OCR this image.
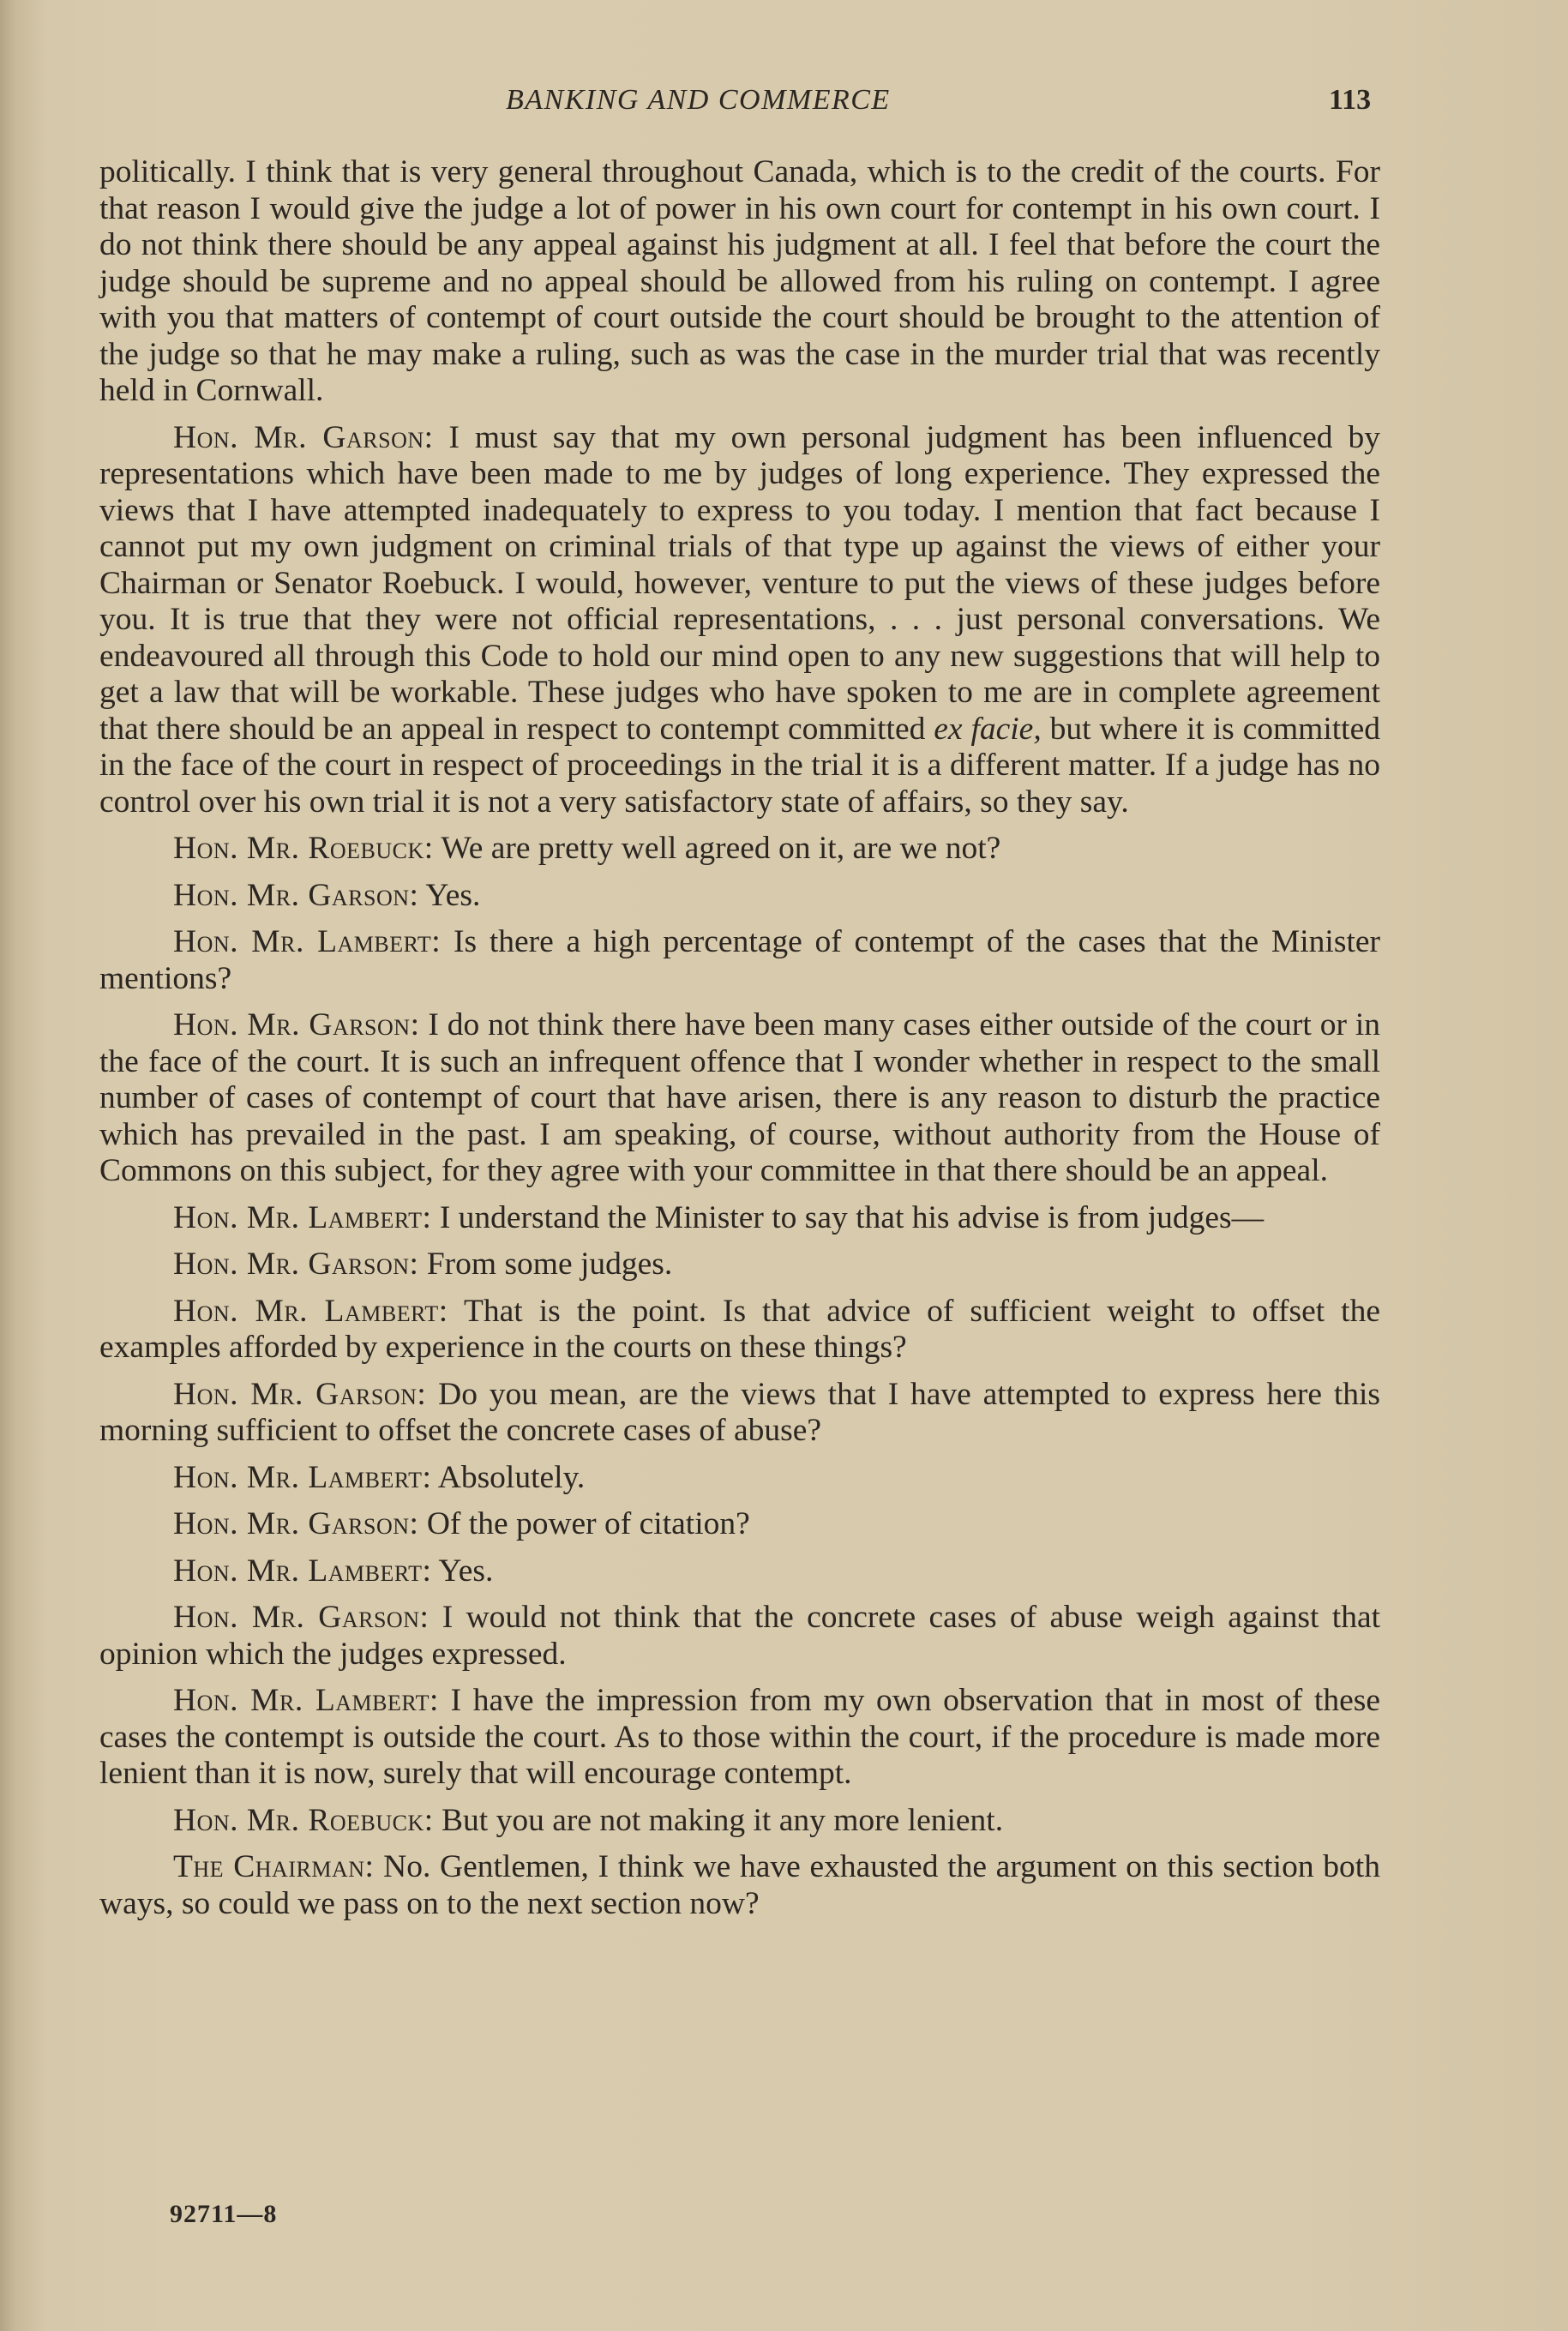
BANKING AND COMMERCE	113

politically. I think that is very general throughout Canada, which is to the credit of the courts. For that reason I would give the judge a lot of power in his own court for contempt in his own court. I do not think there should be any appeal against his judgment at all. I feel that before the court the judge should be supreme and no appeal should be allowed from his ruling on contempt. I agree with you that matters of contempt of court outside the court should be brought to the attention of the judge so that he may make a ruling, such as was the case in the murder trial that was recently held in Cornwall.

Hon. Mr. Garson: I must say that my own personal judgment has been influenced by representations which have been made to me by judges of long experience. They expressed the views that I have attempted inadequately to express to you today. I mention that fact because I cannot put my own judgment on criminal trials of that type up against the views of either your Chairman or Senator Roebuck. I would, however, venture to put the views of these judges before you. It is true that they were not official representations, . . . just personal conversations. We endeavoured all through this Code to hold our mind open to any new suggestions that will help to get a law that will be workable. These judges who have spoken to me are in complete agreement that there should be an appeal in respect to contempt committed ex facie, but where it is committed in the face of the court in respect of proceedings in the trial it is a different matter. If a judge has no control over his own trial it is not a very satisfactory state of affairs, so they say.

Hon. Mr. Roebuck: We are pretty well agreed on it, are we not?

Hon. Mr. Garson: Yes.

Hon. Mr. Lambert: Is there a high percentage of contempt of the cases that the Minister mentions?

Hon. Mr. Garson: I do not think there have been many cases either outside of the court or in the face of the court. It is such an infrequent offence that I wonder whether in respect to the small number of cases of contempt of court that have arisen, there is any reason to disturb the practice which has prevailed in the past. I am speaking, of course, without authority from the House of Commons on this subject, for they agree with your committee in that there should be an appeal.

Hon. Mr. Lambert: I understand the Minister to say that his advise is from judges—

Hon. Mr. Garson: From some judges.

Hon. Mr. Lambert: That is the point. Is that advice of sufficient weight to offset the examples afforded by experience in the courts on these things?

Hon. Mr. Garson: Do you mean, are the views that I have attempted to express here this morning sufficient to offset the concrete cases of abuse?

Hon. Mr. Lambert: Absolutely.

Hon. Mr. Garson: Of the power of citation?

Hon. Mr. Lambert: Yes.

Hon. Mr. Garson: I would not think that the concrete cases of abuse weigh against that opinion which the judges expressed.

Hon. Mr. Lambert: I have the impression from my own observation that in most of these cases the contempt is outside the court. As to those within the court, if the procedure is made more lenient than it is now, surely that will encourage contempt.

Hon. Mr. Roebuck: But you are not making it any more lenient.

The Chairman: No. Gentlemen, I think we have exhausted the argument on this section both ways, so could we pass on to the next section now?

92711—8
